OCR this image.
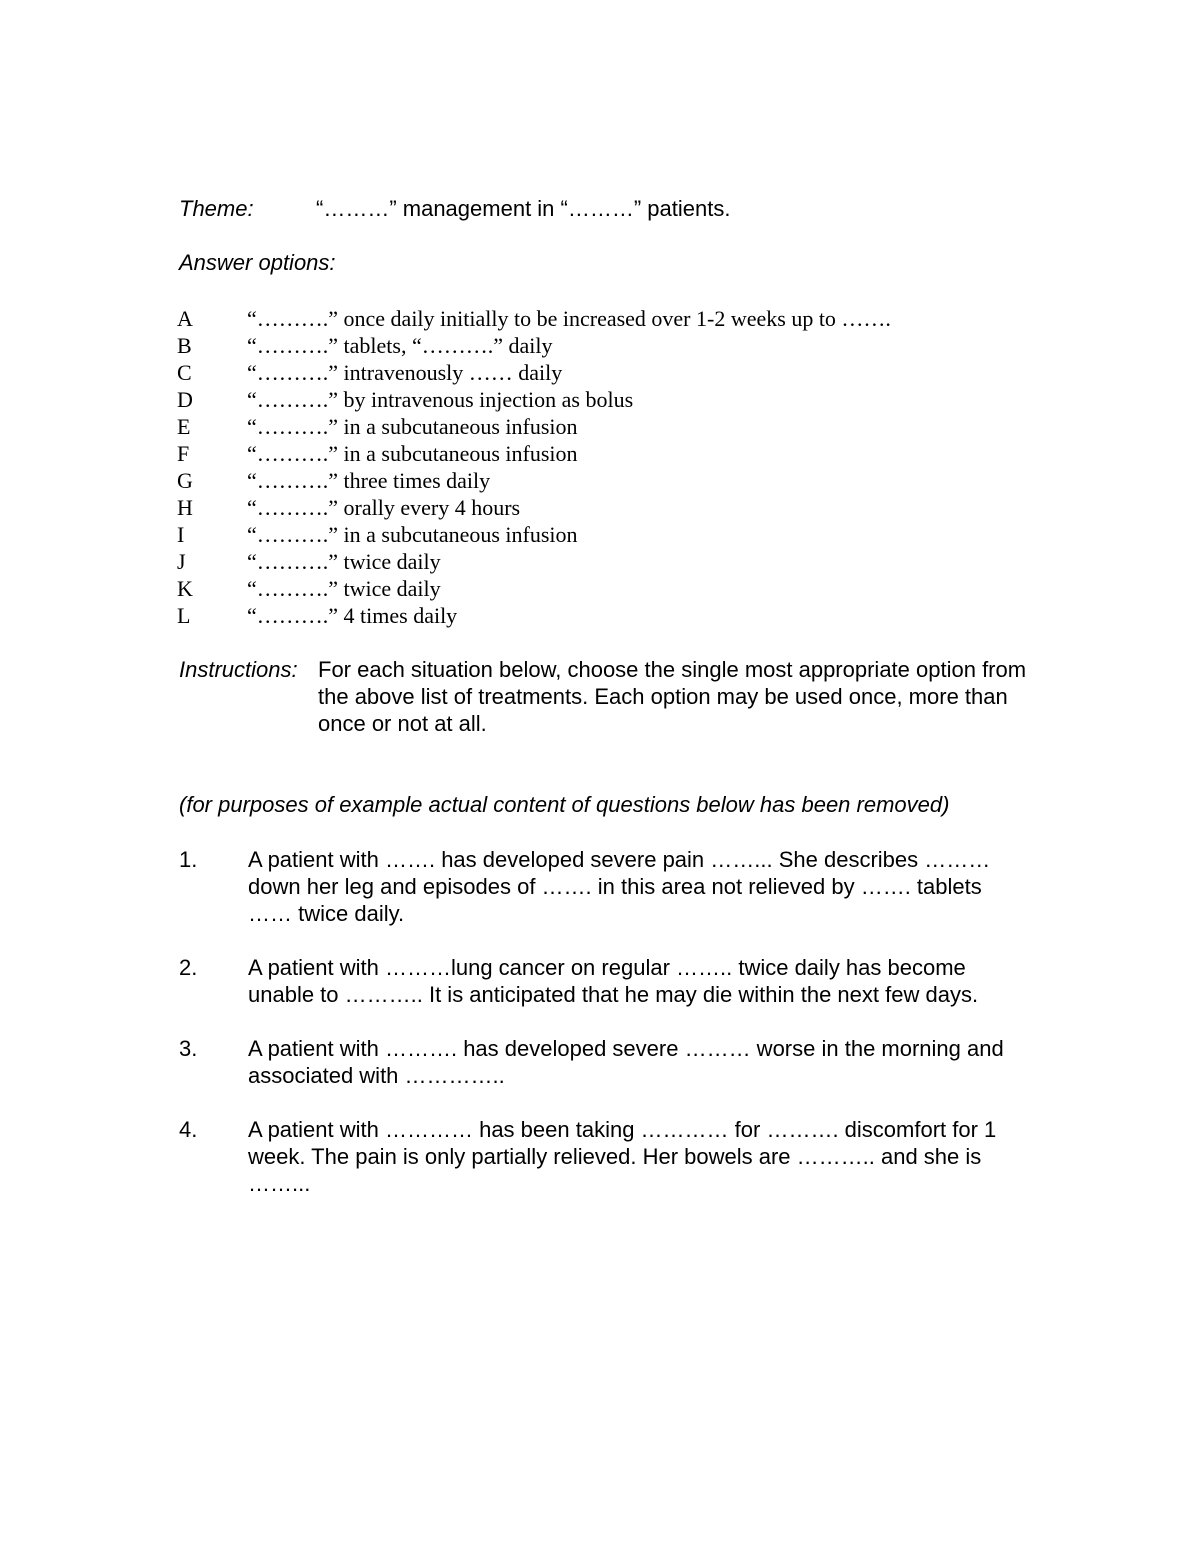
Theme:	“………” management in “………” patients.
Answer options:
A “……….” once daily initially to be increased over 1-2 weeks up to …….
B	“……….” tablets, “……….” daily
C	“……….” intravenously …… daily
D “……….” by intravenous injection as bolus
E	“……….” in a subcutaneous infusion
F	“……….” in a subcutaneous infusion
G “……….” three times daily
H “……….” orally every 4 hours
I	“……….” in a subcutaneous infusion
J	“……….” twice daily
K “……….” twice daily
L	“……….” 4 times daily
Instructions: For each situation below, choose the single most appropriate option from the above list of treatments. Each option may be used once, more than once or not at all.
(for purposes of example actual content of questions below has been removed)
1. A patient with ……. has developed severe pain ……... She describes ……… down her leg and episodes of ……. in this area not relieved by ……. tablets …… twice daily.
2. A patient with ………lung cancer on regular …….. twice daily has become unable to ……….. It is anticipated that he may die within the next few days.
3. A patient with ………. has developed severe ……… worse in the morning and associated with …………..
4. A patient with ………… has been taking ………… for ………. discomfort for 1 week. The pain is only partially relieved. Her bowels are ……….. and she is ……...
